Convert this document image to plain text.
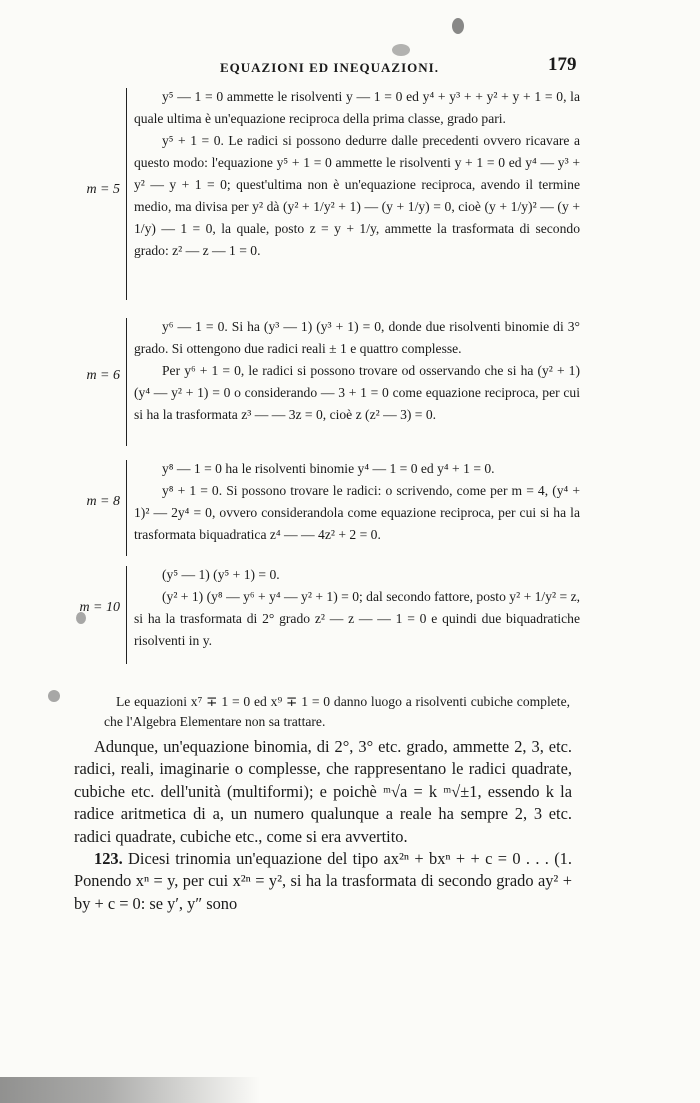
EQUAZIONI ED INEQUAZIONI.	179
m = 5

y⁵ — 1 = 0 ammette le risolventi y — 1 = 0 ed y⁴ + y³ + + y² + y + 1 = 0, la quale ultima è un'equazione reciproca della prima classe, grado pari.

y⁵ + 1 = 0. Le radici si possono dedurre dalle precedenti ovvero ricavare a questo modo: l'equazione y⁵ + 1 = 0 ammette le risolventi y + 1 = 0 ed y⁴ — y³ + y² — y + 1 = 0; quest'ultima non è un'equazione reciproca, avendo il termine medio, ma divisa per y² dà (y² + 1/y² + 1) — (y + 1/y) = 0, cioè (y + 1/y)² — (y + 1/y) — 1 = 0, la quale, posto z = y + 1/y, ammette la trasformata di secondo grado: z² — z — 1 = 0.

m = 6

y⁶ — 1 = 0. Si ha (y³ — 1) (y³ + 1) = 0, donde due risolventi binomie di 3° grado. Si ottengono due radici reali ± 1 e quattro complesse.

Per y⁶ + 1 = 0, le radici si possono trovare od osservando che si ha (y² + 1) (y⁴ — y² + 1) = 0 o considerando — 3 + 1 = 0 come equazione reciproca, per cui si ha la trasformata z³ — — 3z = 0, cioè z (z² — 3) = 0.

m = 8

y⁸ — 1 = 0 ha le risolventi binomie y⁴ — 1 = 0 ed y⁴ + 1 = 0.

y⁸ + 1 = 0. Si possono trovare le radici: o scrivendo, come per m = 4, (y⁴ + 1)² — 2y⁴ = 0, ovvero considerandola come equazione reciproca, per cui si ha la trasformata biquadratica z⁴ — — 4z² + 2 = 0.

m = 10

(y⁵ — 1) (y⁵ + 1) = 0.

(y² + 1) (y⁸ — y⁶ + y⁴ — y² + 1) = 0; dal secondo fattore, posto y² + 1/y² = z, si ha la trasformata di 2° grado z² — z — — 1 = 0 e quindi due biquadratiche risolventi in y.

Le equazioni x⁷ ∓ 1 = 0 ed x⁹ ∓ 1 = 0 danno luogo a risolventi cubiche complete, che l'Algebra Elementare non sa trattare.

Adunque, un'equazione binomia, di 2°, 3° etc. grado, ammette 2, 3, etc. radici, reali, imaginarie o complesse, che rappresentano le radici quadrate, cubiche etc. dell'unità (multiformi); e poichè ᵐ√a = k ᵐ√±1, essendo k la radice aritmetica di a, un numero qualunque a reale ha sempre 2, 3 etc. radici quadrate, cubiche etc., come si era avvertito.

123. Dicesi trinomia un'equazione del tipo ax²ⁿ + bxⁿ + + c = 0 . . . (1. Ponendo xⁿ = y, per cui x²ⁿ = y², si ha la trasformata di secondo grado ay² + by + c = 0: se y′, y″ sono
